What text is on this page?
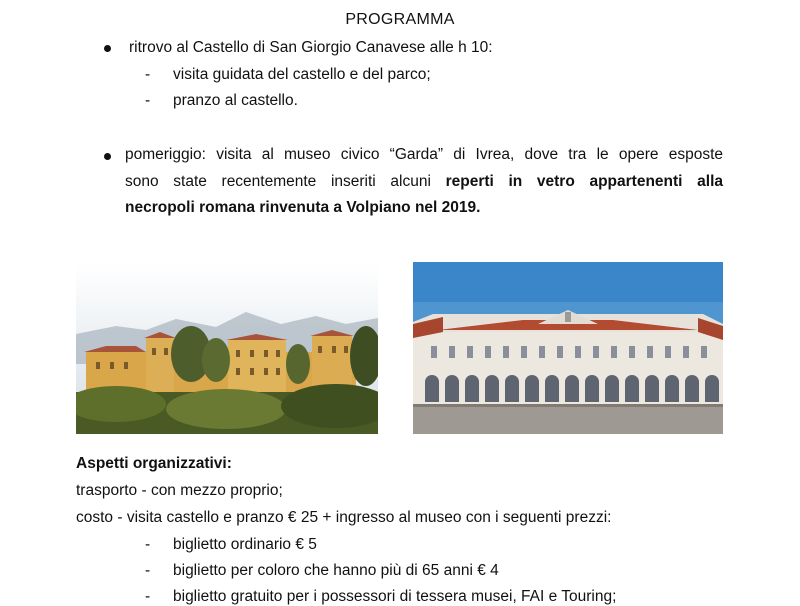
PROGRAMMA
ritrovo al Castello di San Giorgio Canavese alle h 10:
- visita guidata del castello e del parco;
- pranzo al castello.
pomeriggio: visita al museo civico “Garda” di Ivrea, dove tra le opere esposte
sono state recentemente inseriti alcuni reperti in vetro appartenenti alla
necropoli romana rinvenuta a Volpiano nel 2019.
Aspetti organizzativi:
trasporto - con mezzo proprio;
costo - visita castello e pranzo € 25 + ingresso al museo con i seguenti prezzi:
- biglietto ordinario € 5
- biglietto per coloro che hanno più di 65 anni € 4
- biglietto gratuito per i possessori di tessera musei, FAI e Touring;
